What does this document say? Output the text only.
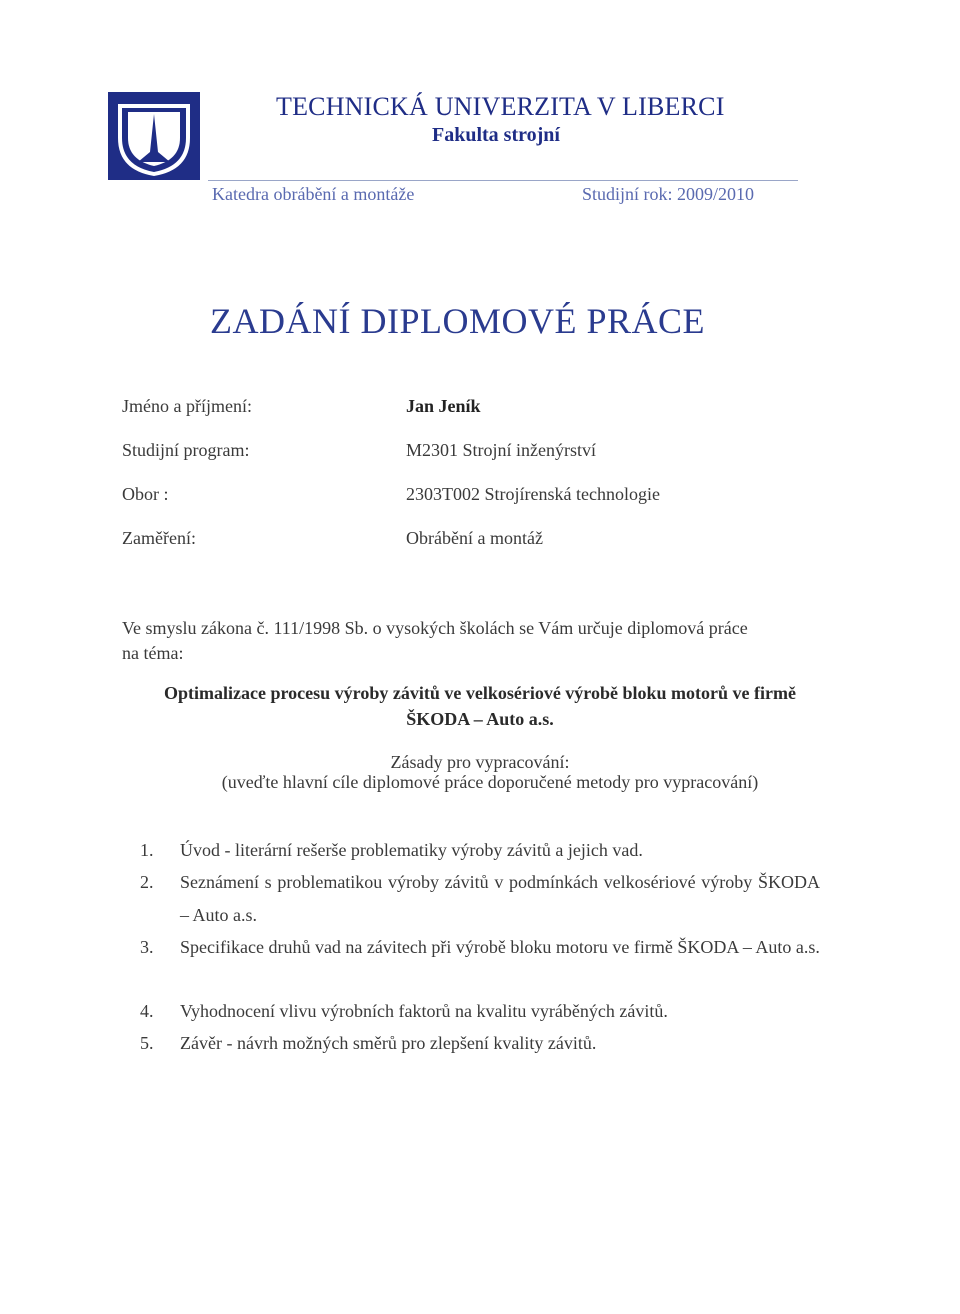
TECHNICKÁ UNIVERZITA V LIBERCI
Fakulta strojní
Katedra obrábění a montáže	Studijní rok: 2009/2010
ZADÁNÍ DIPLOMOVÉ PRÁCE
Jméno a příjmení:	Jan Jeník
Studijní program:	M2301 Strojní inženýrství
Obor :	2303T002 Strojírenská technologie
Zaměření:	Obrábění a montáž
Ve smyslu zákona č. 111/1998 Sb. o vysokých školách se Vám určuje diplomová práce
na téma:
Optimalizace procesu výroby závitů ve velkosériové výrobě bloku motorů ve firmě
ŠKODA – Auto a.s.
Zásady pro vypracování:
(uveďte hlavní cíle diplomové práce doporučené metody pro vypracování)
1. Úvod - literární rešerše problematiky výroby závitů a jejich vad.
2. Seznámení s problematikou výroby závitů v podmínkách velkosériové výroby ŠKODA – Auto a.s.
3. Specifikace druhů vad na závitech při výrobě bloku motoru ve firmě ŠKODA – Auto a.s.
4. Vyhodnocení vlivu výrobních faktorů na kvalitu vyráběných závitů.
5. Závěr - návrh možných směrů pro zlepšení kvality závitů.
